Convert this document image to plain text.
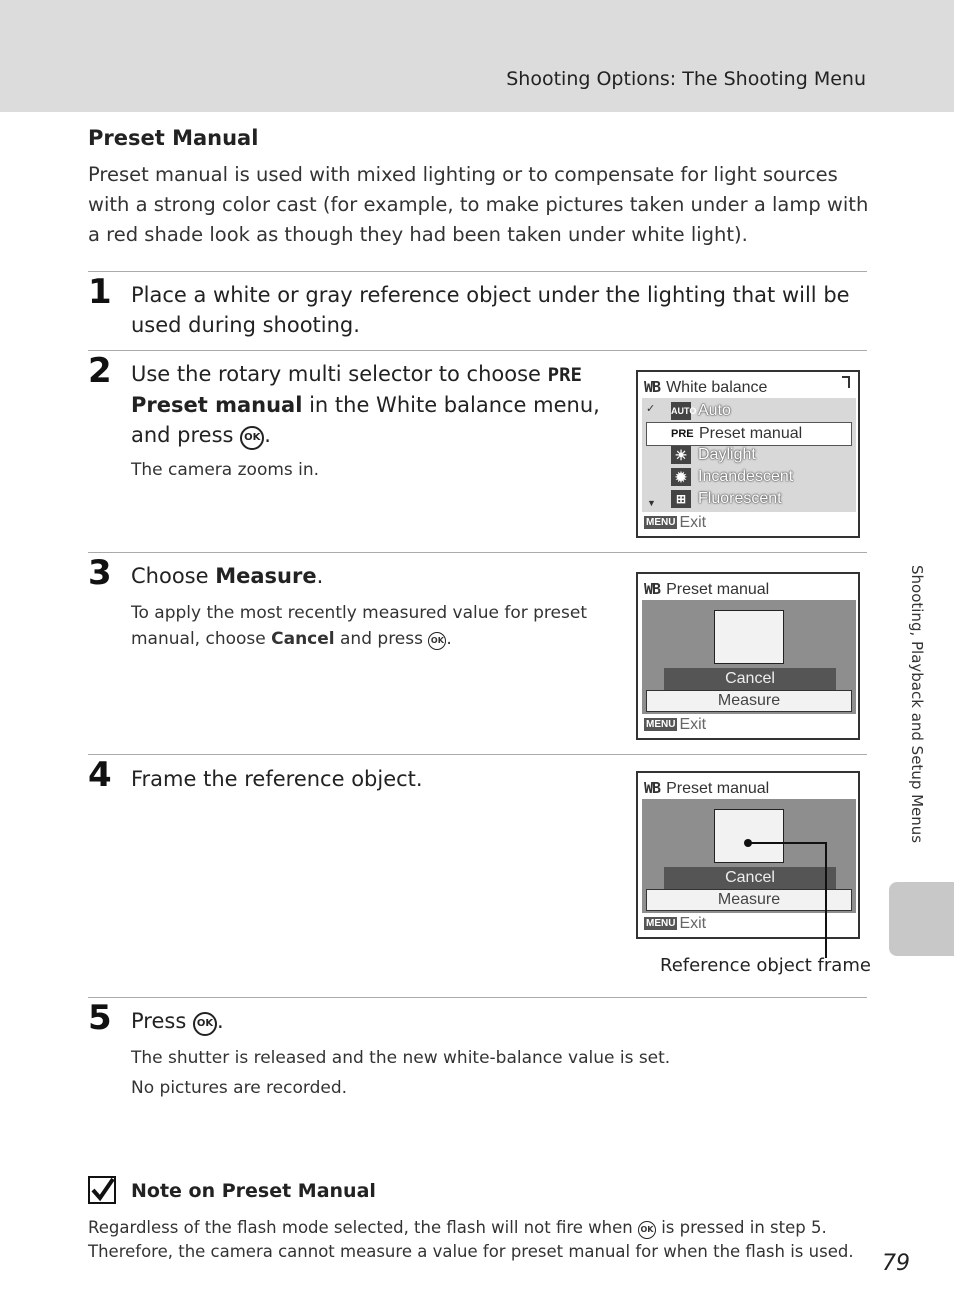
Shooting Options: The Shooting Menu
Preset Manual
Preset manual is used with mixed lighting or to compensate for light sources with a strong color cast (for example, to make pictures taken under a lamp with a red shade look as though they had been taken under white light).
1 Place a white or gray reference object under the lighting that will be used during shooting.
2 Use the rotary multi selector to choose PRE Preset manual in the White balance menu, and press OK .
The camera zooms in.
WB White balance
✓ AUTO Auto
PRE Preset manual
☀ Daylight
✹ Incandescent
⊞ Fluorescent
▼
MENU Exit
3 Choose Measure.
To apply the most recently measured value for preset manual, choose Cancel and press OK .
WB Preset manual
Cancel
Measure
MENU Exit
4 Frame the reference object.	WB Preset manual
Cancel
Measure
MENU Exit
Reference object frame
5 Press OK .
The shutter is released and the new white-balance value is set.
No pictures are recorded.
Shooting, Playback and Setup Menus
Note on Preset Manual
Regardless of the flash mode selected, the flash will not fire when OK is pressed in step 5. Therefore, the camera cannot measure a value for preset manual for when the flash is used.	79
